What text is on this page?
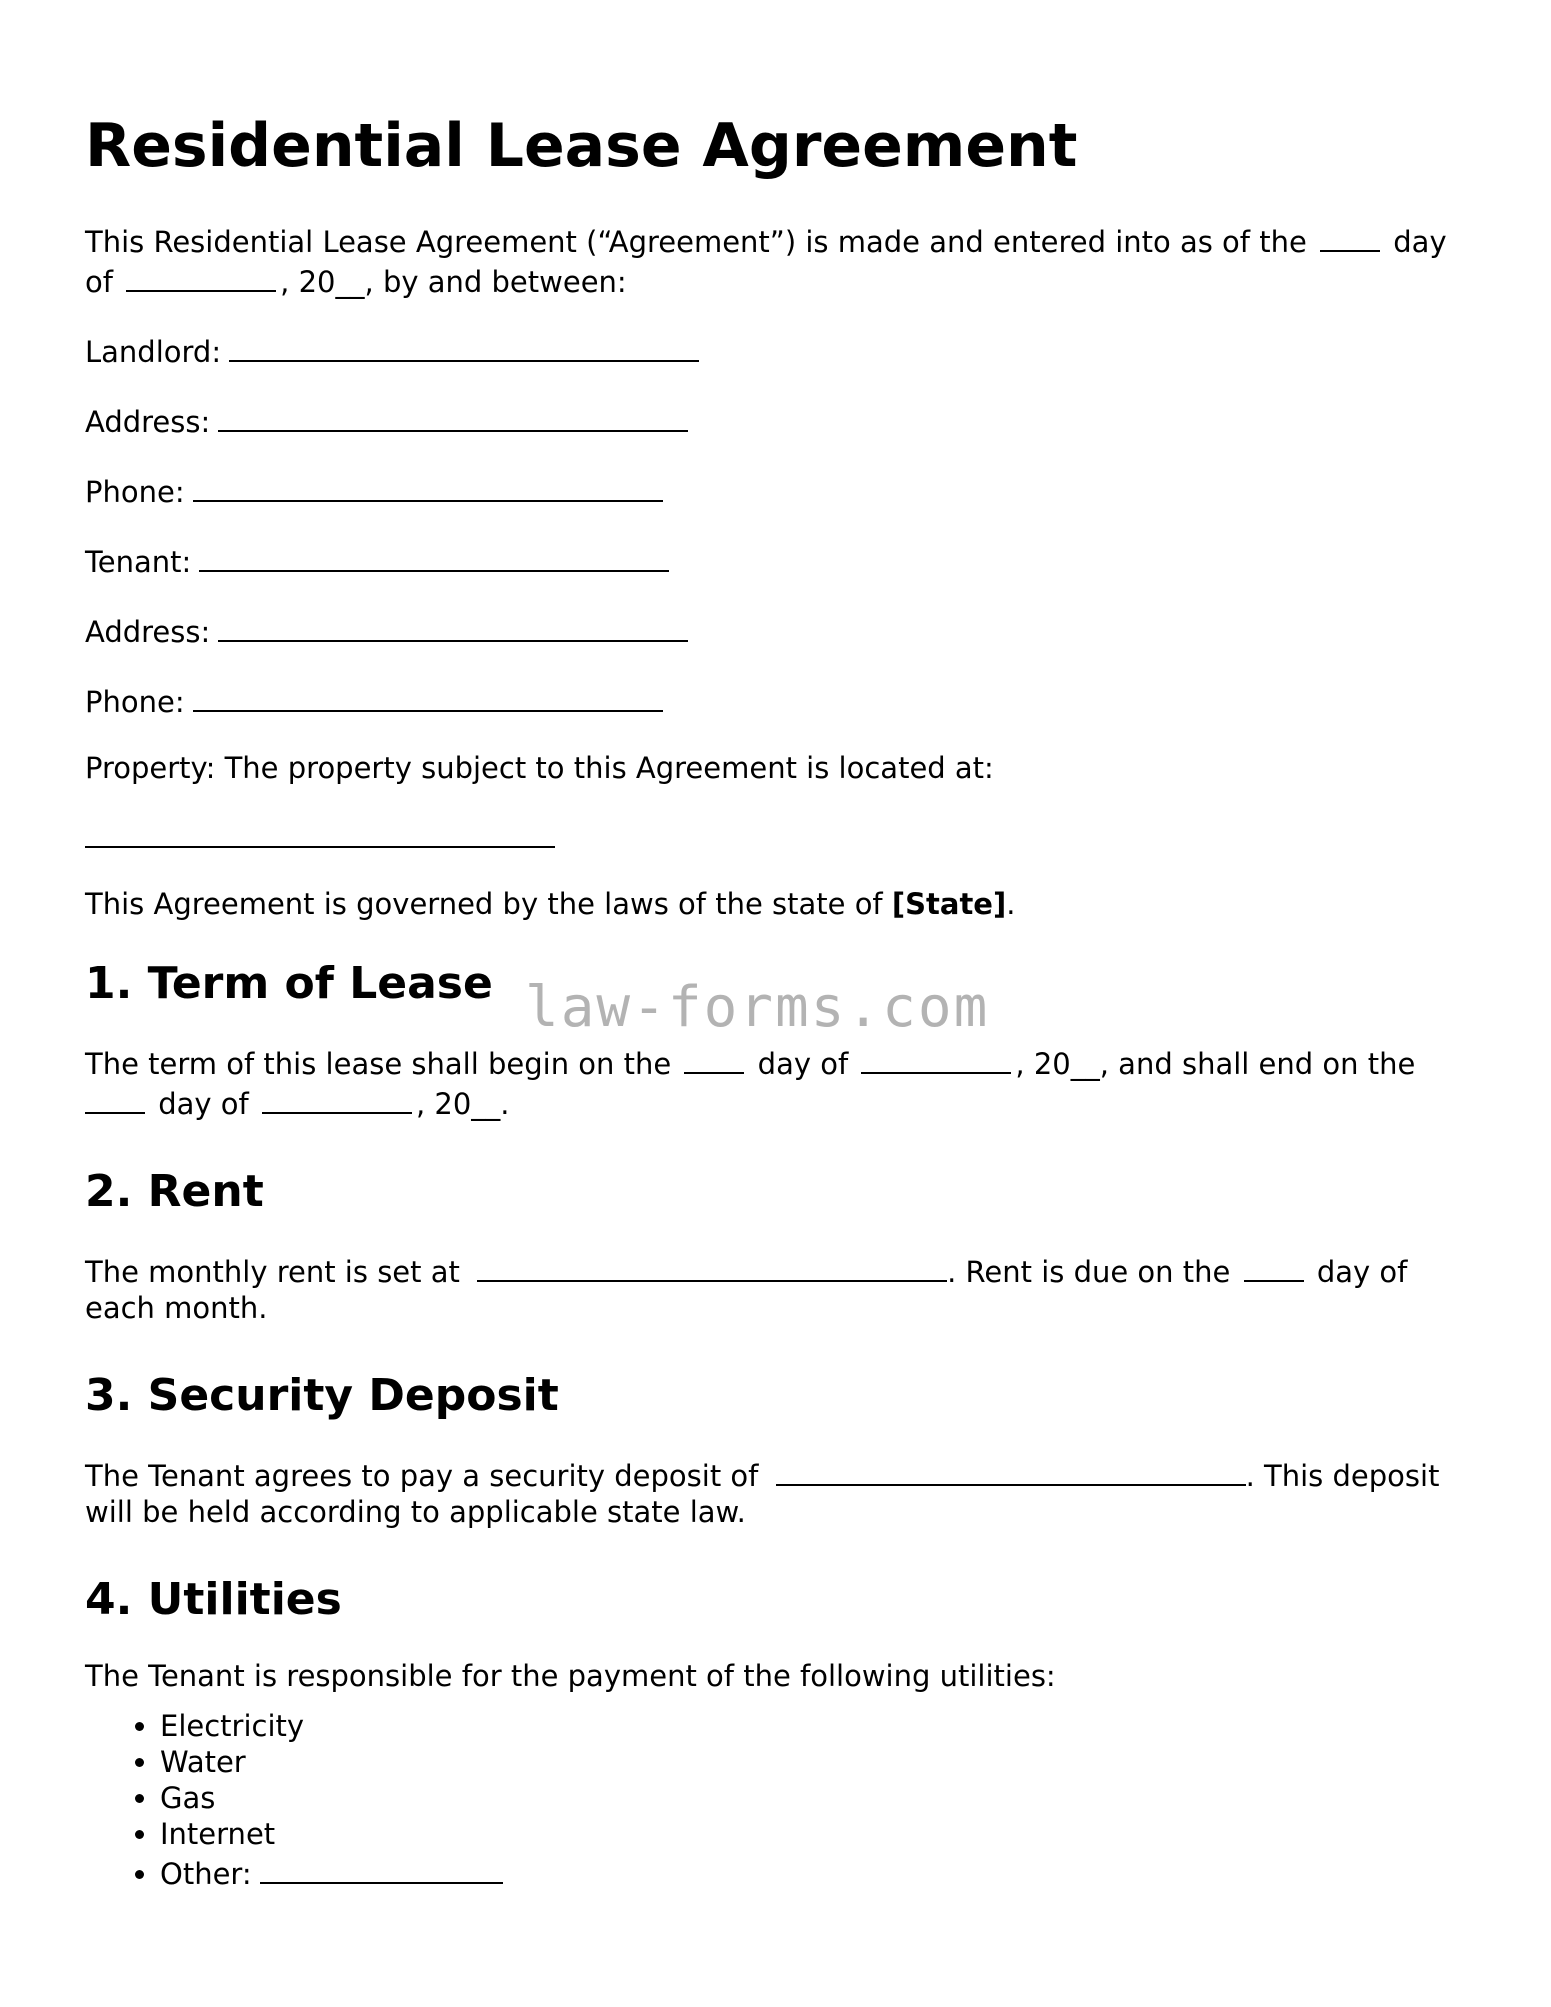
Residential Lease Agreement

This Residential Lease Agreement (“Agreement”) is made and entered into as of the	day of	, 20__, by and between:

Landlord:
Address:
Phone:
Tenant:
Address:
Phone:

Property: The property subject to this Agreement is located at:

This Agreement is governed by the laws of the state of [State].

1. Term of Lease

The term of this lease shall begin on the	day of	, 20__, and shall end on the  day of	, 20__.

2. Rent

The monthly rent is set at	. Rent is due on the	day of each month.

3. Security Deposit

The Tenant agrees to pay a security deposit of	. This deposit will be held according to applicable state law.

4. Utilities

The Tenant is responsible for the payment of the following utilities:

• Electricity
• Water
• Gas
• Internet
• Other:
law-forms.com
